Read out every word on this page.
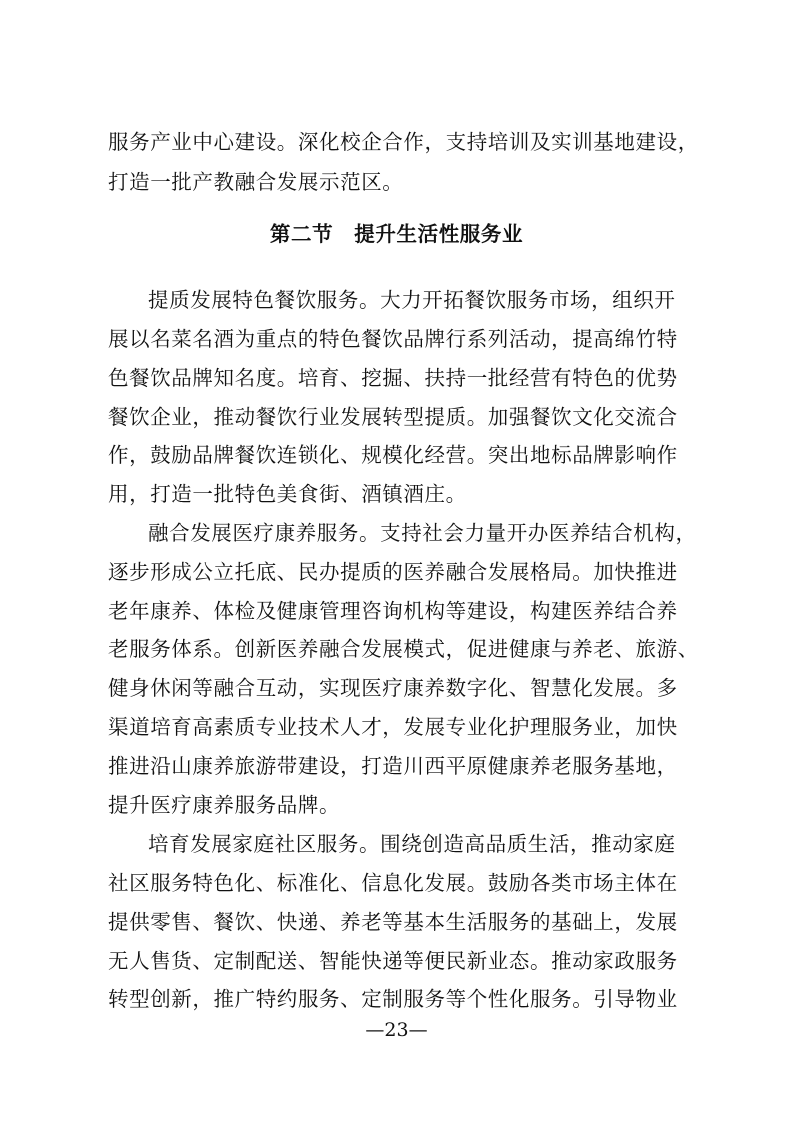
服务产业中心建设。深化校企合作，支持培训及实训基地建设，

打造一批产教融合发展示范区。

第二节　提升生活性服务业

提质发展特色餐饮服务。大力开拓餐饮服务市场，组织开

展以名菜名酒为重点的特色餐饮品牌行系列活动，提高绵竹特

色餐饮品牌知名度。培育、挖掘、扶持一批经营有特色的优势

餐饮企业，推动餐饮行业发展转型提质。加强餐饮文化交流合

作，鼓励品牌餐饮连锁化、规模化经营。突出地标品牌影响作

用，打造一批特色美食街、酒镇酒庄。

融合发展医疗康养服务。支持社会力量开办医养结合机构，

逐步形成公立托底、民办提质的医养融合发展格局。加快推进

老年康养、体检及健康管理咨询机构等建设，构建医养结合养

老服务体系。创新医养融合发展模式，促进健康与养老、旅游、

健身休闲等融合互动，实现医疗康养数字化、智慧化发展。多

渠道培育高素质专业技术人才，发展专业化护理服务业，加快

推进沿山康养旅游带建设，打造川西平原健康养老服务基地，

提升医疗康养服务品牌。

培育发展家庭社区服务。围绕创造高品质生活，推动家庭

社区服务特色化、标准化、信息化发展。鼓励各类市场主体在

提供零售、餐饮、快递、养老等基本生活服务的基础上，发展

无人售货、定制配送、智能快递等便民新业态。推动家政服务

转型创新，推广特约服务、定制服务等个性化服务。引导物业

—23—
